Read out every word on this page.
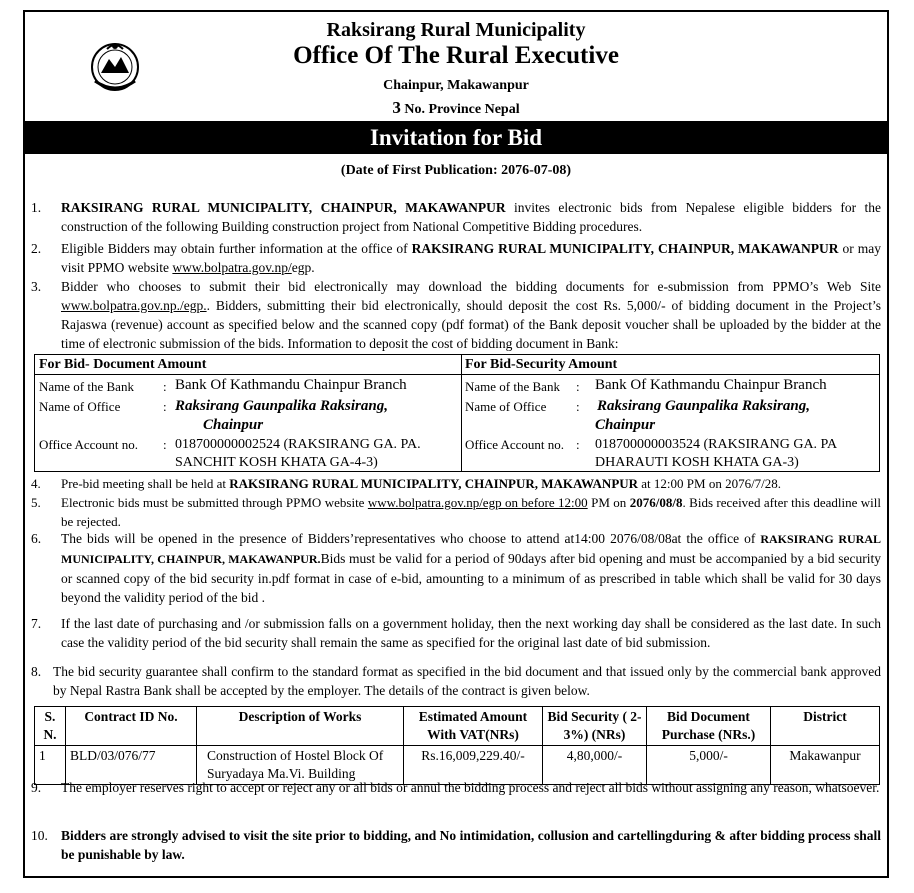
Raksirang Rural Municipality
Office Of The Rural Executive
Chainpur, Makawanpur
3 No. Province Nepal
Invitation for Bid
(Date of First Publication: 2076-07-08)
1. RAKSIRANG RURAL MUNICIPALITY, CHAINPUR, MAKAWANPUR invites electronic bids from Nepalese eligible bidders for the construction of the following Building construction project from National Competitive Bidding procedures.
2. Eligible Bidders may obtain further information at the office of RAKSIRANG RURAL MUNICIPALITY, CHAINPUR, MAKAWANPUR or may visit PPMO website www.bolpatra.gov.np/egp.
3. Bidder who chooses to submit their bid electronically may download the bidding documents for e-submission from PPMO’s Web Site www.bolpatra.gov.np./egp.. Bidders, submitting their bid electronically, should deposit the cost Rs. 5,000/- of bidding document in the Project’s Rajaswa (revenue) account as specified below and the scanned copy (pdf format) of the Bank deposit voucher shall be uploaded by the bidder at the time of electronic submission of the bids. Information to deposit the cost of bidding document in Bank:
For Bid- Document Amount
Name of the Bank : Bank Of Kathmandu Chainpur Branch
Name of Office	: Raksirang Gaunpalika Raksirang,
Chainpur
Office Account no. : 018700000002524 (RAKSIRANG GA. PA.
SANCHIT KOSH KHATA GA-4-3)
For Bid-Security Amount
Name of the Bank : Bank Of Kathmandu Chainpur Branch
Name of Office : Raksirang Gaunpalika Raksirang,
Chainpur
Office Account no. : 018700000003524 (RAKSIRANG GA. PA
DHARAUTI KOSH KHATA GA-3)
4. Pre-bid meeting shall be held at RAKSIRANG RURAL MUNICIPALITY, CHAINPUR, MAKAWANPUR at 12:00 PM on 2076/7/28.
5. Electronic bids must be submitted through PPMO website www.bolpatra.gov.np/egp on before 12:00 PM on 2076/08/8. Bids received after this deadline will be rejected.
6. The bids will be opened in the presence of Bidders’representatives who choose to attend at14:00 2076/08/08at the office of RAKSIRANG RURAL MUNICIPALITY, CHAINPUR, MAKAWANPUR.Bids must be valid for a period of 90days after bid opening and must be accompanied by a bid security or scanned copy of the bid security in.pdf format in case of e-bid, amounting to a minimum of as prescribed in table which shall be valid for 30 days beyond the validity period of the bid .
7. If the last date of purchasing and /or submission falls on a government holiday, then the next working day shall be considered as the last date. In such case the validity period of the bid security shall remain the same as specified for the original last date of bid submission.
8. The bid security guarantee shall confirm to the standard format as specified in the bid document and that issued only by the commercial bank approved by Nepal Rastra Bank shall be accepted by the employer. The details of the contract is given below.
S. N.	Contract ID No.	Description of Works	Estimated Amount With VAT(NRs)	Bid Security ( 2-3%) (NRs)	Bid Document Purchase (NRs.)	District
1	BLD/03/076/77	Construction of Hostel Block Of Suryadaya Ma.Vi. Building	Rs.16,009,229.40/-	4,80,000/-	5,000/-	Makawanpur
9. The employer reserves right to accept or reject any or all bids or annul the bidding process and reject all bids without assigning any reason, whatsoever.
10. Bidders are strongly advised to visit the site prior to bidding, and No intimidation, collusion and cartellingduring & after bidding process shall be punishable by law.
